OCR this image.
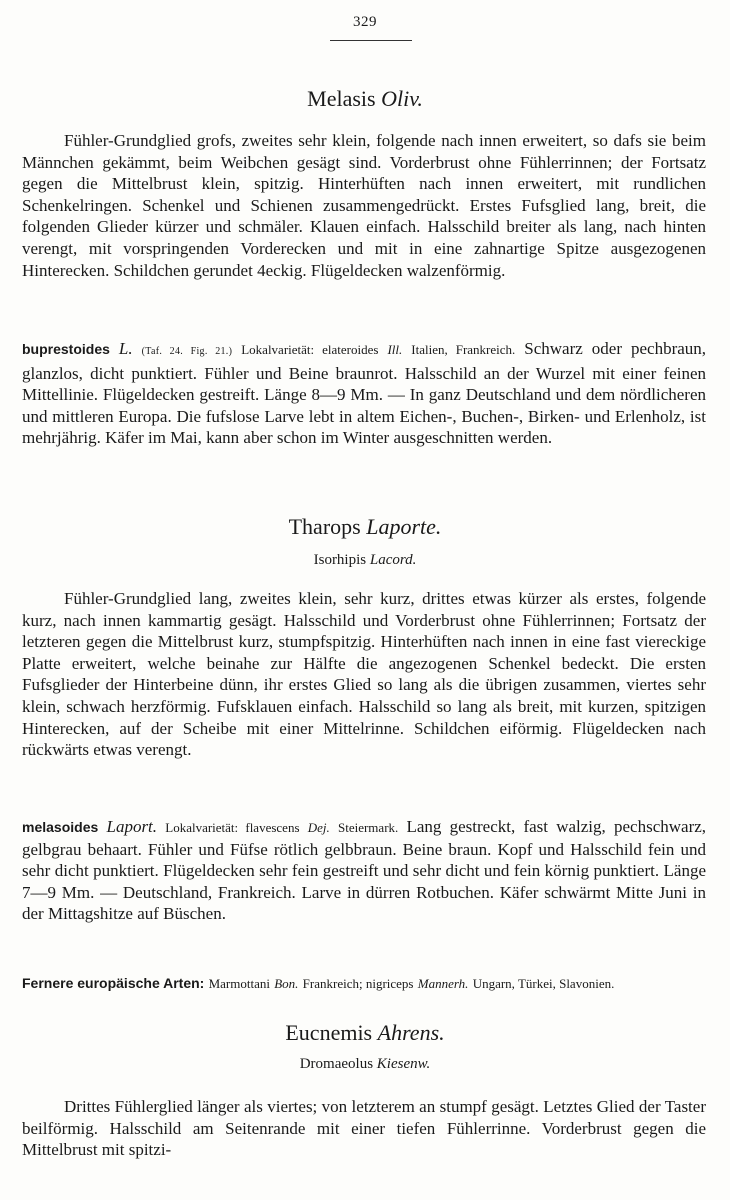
329
Melasis Oliv.
Fühler-Grundglied grofs, zweites sehr klein, folgende nach innen erweitert, so dafs sie beim Männchen gekämmt, beim Weibchen gesägt sind. Vorderbrust ohne Fühlerrinnen; der Fortsatz gegen die Mittelbrust klein, spitzig. Hinterhüften nach innen erweitert, mit rundlichen Schenkelringen. Schenkel und Schienen zusammengedrückt. Erstes Fufsglied lang, breit, die folgenden Glieder kürzer und schmäler. Klauen einfach. Halsschild breiter als lang, nach hinten verengt, mit vorspringenden Vorderecken und mit in eine zahnartige Spitze ausgezogenen Hinterecken. Schildchen gerundet 4eckig. Flügeldecken walzenförmig.
buprestoides L. (Taf. 24. Fig. 21.) Lokalvarietät: elateroides Ill. Italien, Frankreich. Schwarz oder pechbraun, glanzlos, dicht punktiert. Fühler und Beine braunrot. Halsschild an der Wurzel mit einer feinen Mittellinie. Flügeldecken gestreift. Länge 8—9 Mm. — In ganz Deutschland und dem nördlicheren und mittleren Europa. Die fufslose Larve lebt in altem Eichen-, Buchen-, Birken- und Erlenholz, ist mehrjährig. Käfer im Mai, kann aber schon im Winter ausgeschnitten werden.
Tharops Laporte.
Isorhipis Lacord.
Fühler-Grundglied lang, zweites klein, sehr kurz, drittes etwas kürzer als erstes, folgende kurz, nach innen kammartig gesägt. Halsschild und Vorderbrust ohne Fühlerrinnen; Fortsatz der letzteren gegen die Mittelbrust kurz, stumpfspitzig. Hinterhüften nach innen in eine fast viereckige Platte erweitert, welche beinahe zur Hälfte die angezogenen Schenkel bedeckt. Die ersten Fufsglieder der Hinterbeine dünn, ihr erstes Glied so lang als die übrigen zusammen, viertes sehr klein, schwach herzförmig. Fufsklauen einfach. Halsschild so lang als breit, mit kurzen, spitzigen Hinterecken, auf der Scheibe mit einer Mittelrinne. Schildchen eiförmig. Flügeldecken nach rückwärts etwas verengt.
melasoides Laport. Lokalvarietät: flavescens Dej. Steiermark. Lang gestreckt, fast walzig, pechschwarz, gelbgrau behaart. Fühler und Füfse rötlich gelbbraun. Beine braun. Kopf und Halsschild fein und sehr dicht punktiert. Flügeldecken sehr fein gestreift und sehr dicht und fein körnig punktiert. Länge 7—9 Mm. — Deutschland, Frankreich. Larve in dürren Rotbuchen. Käfer schwärmt Mitte Juni in der Mittagshitze auf Büschen.
Fernere europäische Arten: Marmottani Bon. Frankreich; nigriceps Mannerh. Ungarn, Türkei, Slavonien.
Eucnemis Ahrens.
Dromaeolus Kiesenw.
Drittes Fühlerglied länger als viertes; von letzterem an stumpf gesägt. Letztes Glied der Taster beilförmig. Halsschild am Seitenrande mit einer tiefen Fühlerrinne. Vorderbrust gegen die Mittelbrust mit spitzi-
